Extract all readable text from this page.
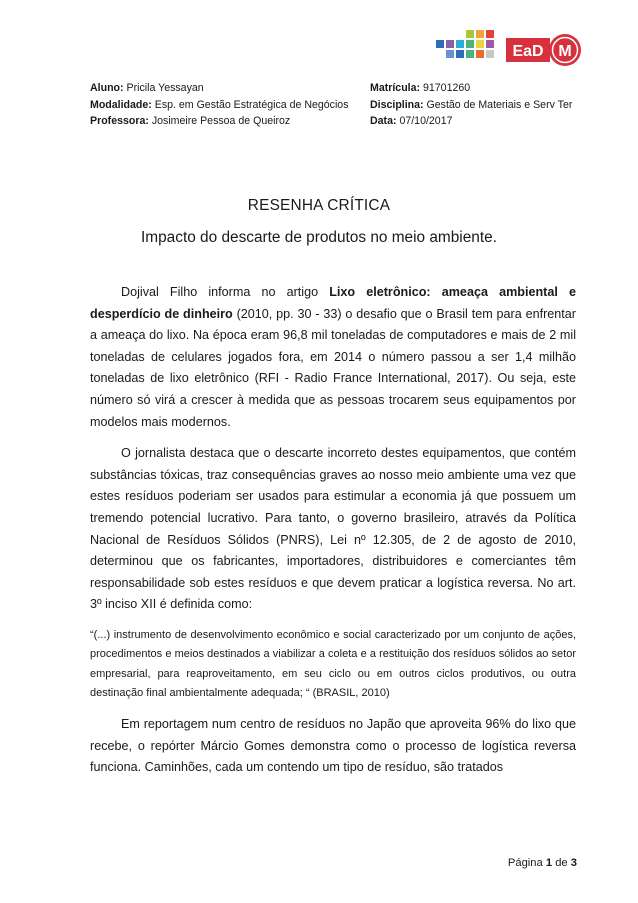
EaD M
Aluno: Pricila Yessayan
Modalidade: Esp. em Gestão Estratégica de Negócios
Professora: Josimeire Pessoa de Queiroz
Matrícula: 91701260
Disciplina: Gestão de Materiais e Serv Ter
Data: 07/10/2017
RESENHA CRÍTICA
Impacto do descarte de produtos no meio ambiente.

Dojival Filho informa no artigo Lixo eletrônico: ameaça ambiental e desperdício de dinheiro (2010, pp. 30 - 33) o desafio que o Brasil tem para enfrentar a ameaça do lixo. Na época eram 96,8 mil toneladas de computadores e mais de 2 mil toneladas de celulares jogados fora, em 2014 o número passou a ser 1,4 milhão toneladas de lixo eletrônico (RFI - Radio France International, 2017). Ou seja, este número só virá a crescer à medida que as pessoas trocarem seus equipamentos por modelos mais modernos.

O jornalista destaca que o descarte incorreto destes equipamentos, que contém substâncias tóxicas, traz consequências graves ao nosso meio ambiente uma vez que estes resíduos poderiam ser usados para estimular a economia já que possuem um tremendo potencial lucrativo. Para tanto, o governo brasileiro, através da Política Nacional de Resíduos Sólidos (PNRS), Lei nº 12.305, de 2 de agosto de 2010, determinou que os fabricantes, importadores, distribuidores e comerciantes têm responsabilidade sob estes resíduos e que devem praticar a logística reversa. No art. 3º inciso XII é definida como:

“(...) instrumento de desenvolvimento econômico e social caracterizado por um conjunto de ações, procedimentos e meios destinados a viabilizar a coleta e a restituição dos resíduos sólidos ao setor empresarial, para reaproveitamento, em seu ciclo ou em outros ciclos produtivos, ou outra destinação final ambientalmente adequada; “ (BRASIL, 2010)

Em reportagem num centro de resíduos no Japão que aproveita 96% do lixo que recebe, o repórter Márcio Gomes demonstra como o processo de logística reversa funciona. Caminhões, cada um contendo um tipo de resíduo, são tratados

Página 1 de 3
